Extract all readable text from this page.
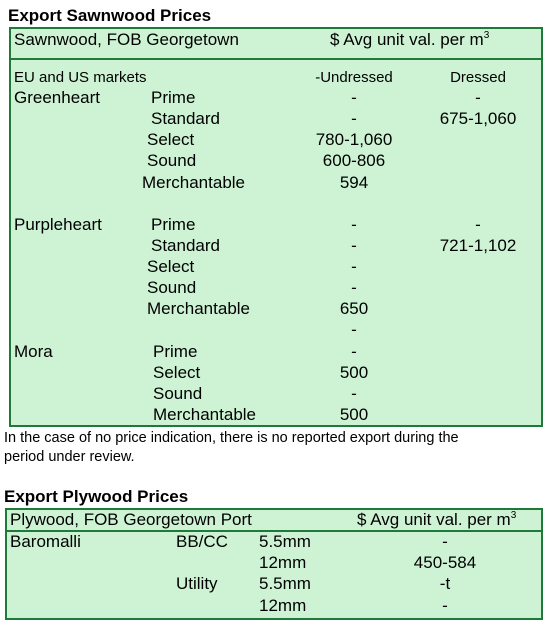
Export Sawnwood Prices
Sawnwood, FOB Georgetown	$ Avg unit val. per $m^3$
EU and US markets	-Undressed	Dressed
Greenheart	Prime	-	-
Standard	-	675-1,060
Select	780-1,060
Sound	600-806
Merchantable	594
Purpleheart	Prime	-	-
Standard	-	721-1,102
Select	-
Sound	-
Merchantable	650
-
Mora	Prime	-
Select	500
Sound	-
Merchantable	500
In the case of no price indication, there is no reported export during the
period under review.
Export Plywood Prices
Plywood, FOB Georgetown Port	$ Avg unit val. per $m^3$
Baromalli	BB/CC 5.5mm	-
12mm	450-584
Utility 5.5mm	-t
12mm	-
